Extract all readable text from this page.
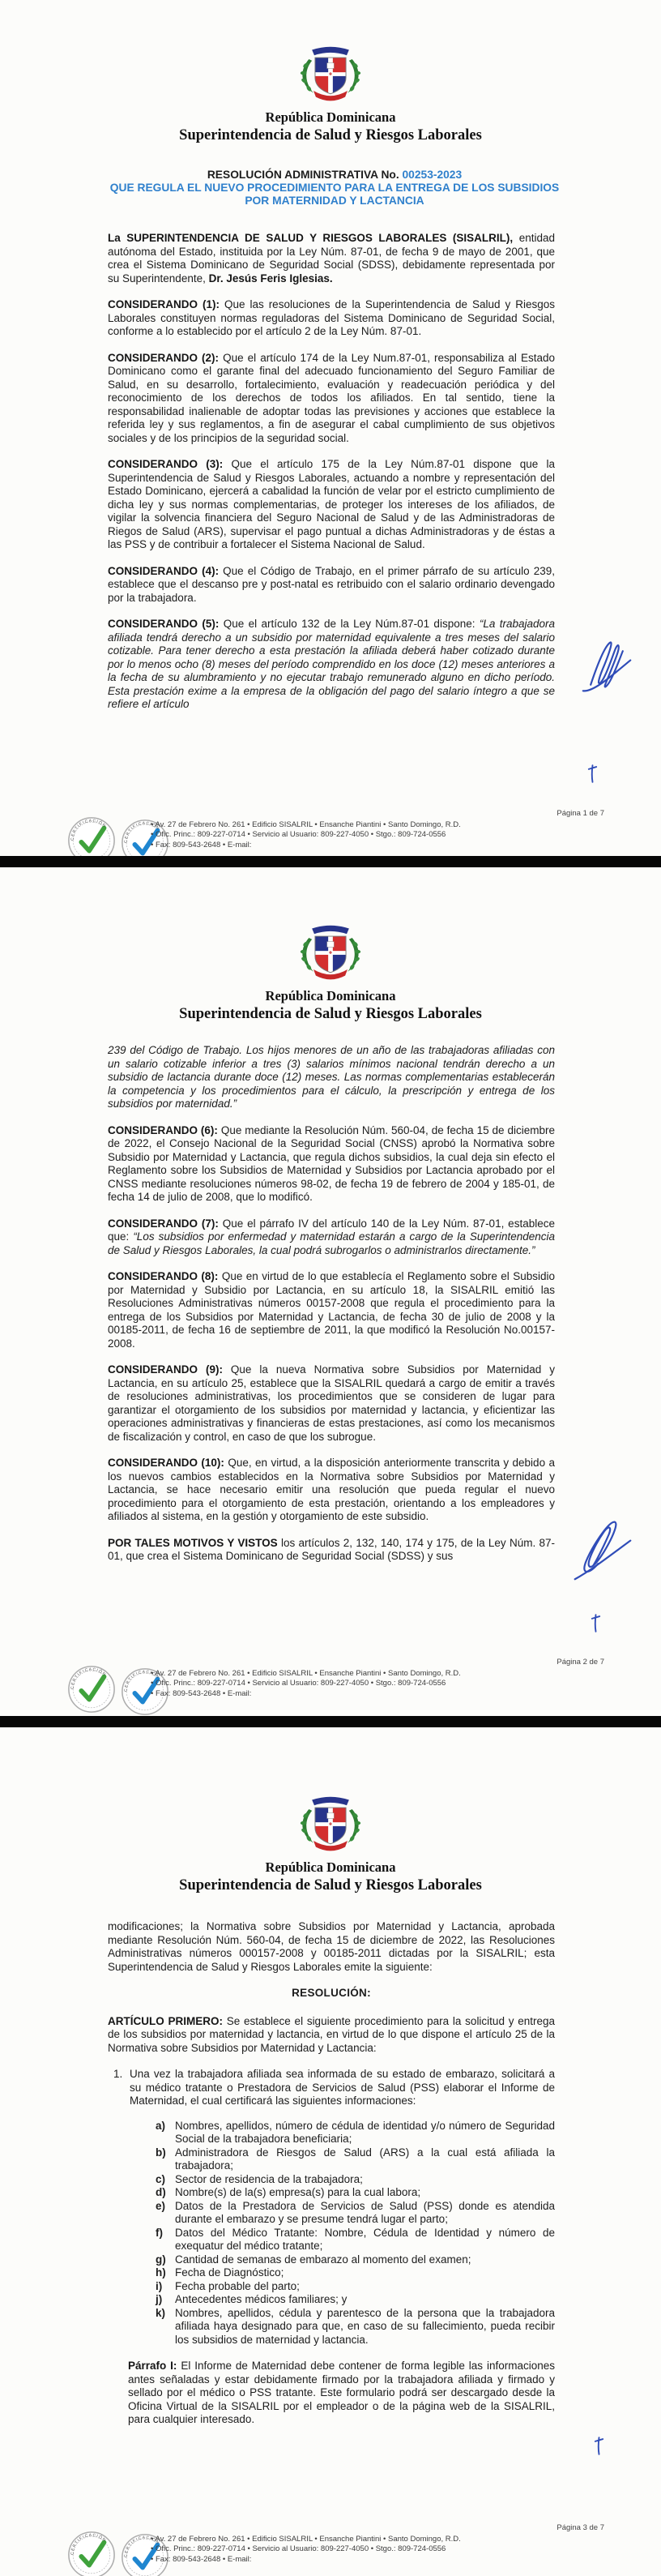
República Dominicana
Superintendencia de Salud y Riesgos Laborales
RESOLUCIÓN ADMINISTRATIVA No. 00253-2023
QUE REGULA EL NUEVO PROCEDIMIENTO PARA LA ENTREGA DE LOS SUBSIDIOS POR MATERNIDAD Y LACTANCIA

La SUPERINTENDENCIA DE SALUD Y RIESGOS LABORALES (SISALRIL), entidad autónoma del Estado, instituida por la Ley Núm. 87-01, de fecha 9 de mayo de 2001, que crea el Sistema Dominicano de Seguridad Social (SDSS), debidamente representada por su Superintendente, Dr. Jesús Feris Iglesias.

CONSIDERANDO (1): Que las resoluciones de la Superintendencia de Salud y Riesgos Laborales constituyen normas reguladoras del Sistema Dominicano de Seguridad Social, conforme a lo establecido por el artículo 2 de la Ley Núm. 87-01.

CONSIDERANDO (2): Que el artículo 174 de la Ley Num.87-01, responsabiliza al Estado Dominicano como el garante final del adecuado funcionamiento del Seguro Familiar de Salud, en su desarrollo, fortalecimiento, evaluación y readecuación periódica y del reconocimiento de los derechos de todos los afiliados. En tal sentido, tiene la responsabilidad inalienable de adoptar todas las previsiones y acciones que establece la referida ley y sus reglamentos, a fin de asegurar el cabal cumplimiento de sus objetivos sociales y de los principios de la seguridad social.

CONSIDERANDO (3): Que el artículo 175 de la Ley Núm.87-01 dispone que la Superintendencia de Salud y Riesgos Laborales, actuando a nombre y representación del Estado Dominicano, ejercerá a cabalidad la función de velar por el estricto cumplimiento de dicha ley y sus normas complementarias, de proteger los intereses de los afiliados, de vigilar la solvencia financiera del Seguro Nacional de Salud y de las Administradoras de Riegos de Salud (ARS), supervisar el pago puntual a dichas Administradoras y de éstas a las PSS y de contribuir a fortalecer el Sistema Nacional de Salud.

CONSIDERANDO (4): Que el Código de Trabajo, en el primer párrafo de su artículo 239, establece que el descanso pre y post-natal es retribuido con el salario ordinario devengado por la trabajadora.

CONSIDERANDO (5): Que el artículo 132 de la Ley Núm.87-01 dispone: “La trabajadora afiliada tendrá derecho a un subsidio por maternidad equivalente a tres meses del salario cotizable. Para tener derecho a esta prestación la afiliada deberá haber cotizado durante por lo menos ocho (8) meses del período comprendido en los doce (12) meses anteriores a la fecha de su alumbramiento y no ejecutar trabajo remunerado alguno en dicho período. Esta prestación exime a la empresa de la obligación del pago del salario íntegro a que se refiere el artículo

Página 1 de 7
• Av. 27 de Febrero No. 261 • Edificio SISALRIL • Ensanche Piantini • Santo Domingo, R.D.
• Ofic. Princ.: 809-227-0714 • Servicio al Usuario: 809-227-4050 • Stgo.: 809-724-0556
• Fax: 809-543-2648 • E-mail:
República Dominicana
Superintendencia de Salud y Riesgos Laborales

239 del Código de Trabajo. Los hijos menores de un año de las trabajadoras afiliadas con un salario cotizable inferior a tres (3) salarios mínimos nacional tendrán derecho a un subsidio de lactancia durante doce (12) meses. Las normas complementarias establecerán la competencia y los procedimientos para el cálculo, la prescripción y entrega de los subsidios por maternidad.”

CONSIDERANDO (6): Que mediante la Resolución Núm. 560-04, de fecha 15 de diciembre de 2022, el Consejo Nacional de la Seguridad Social (CNSS) aprobó la Normativa sobre Subsidio por Maternidad y Lactancia, que regula dichos subsidios, la cual deja sin efecto el Reglamento sobre los Subsidios de Maternidad y Subsidios por Lactancia aprobado por el CNSS mediante resoluciones números 98-02, de fecha 19 de febrero de 2004 y 185-01, de fecha 14 de julio de 2008, que lo modificó.

CONSIDERANDO (7): Que el párrafo IV del artículo 140 de la Ley Núm. 87-01, establece que: “Los subsidios por enfermedad y maternidad estarán a cargo de la Superintendencia de Salud y Riesgos Laborales, la cual podrá subrogarlos o administrarlos directamente.”

CONSIDERANDO (8): Que en virtud de lo que establecía el Reglamento sobre el Subsidio por Maternidad y Subsidio por Lactancia, en su artículo 18, la SISALRIL emitió las Resoluciones Administrativas números 00157-2008 que regula el procedimiento para la entrega de los Subsidios por Maternidad y Lactancia, de fecha 30 de julio de 2008 y la 00185-2011, de fecha 16 de septiembre de 2011, la que modificó la Resolución No.00157-2008.

CONSIDERANDO (9): Que la nueva Normativa sobre Subsidios por Maternidad y Lactancia, en su artículo 25, establece que la SISALRIL quedará a cargo de emitir a través de resoluciones administrativas, los procedimientos que se consideren de lugar para garantizar el otorgamiento de los subsidios por maternidad y lactancia, y eficientizar las operaciones administrativas y financieras de estas prestaciones, así como los mecanismos de fiscalización y control, en caso de que los subrogue.

CONSIDERANDO (10): Que, en virtud, a la disposición anteriormente transcrita y debido a los nuevos cambios establecidos en la Normativa sobre Subsidios por Maternidad y Lactancia, se hace necesario emitir una resolución que pueda regular el nuevo procedimiento para el otorgamiento de esta prestación, orientando a los empleadores y afiliados al sistema, en la gestión y otorgamiento de este subsidio.

POR TALES MOTIVOS Y VISTOS los artículos 2, 132, 140, 174 y 175, de la Ley Núm. 87-01, que crea el Sistema Dominicano de Seguridad Social (SDSS) y sus

Página 2 de 7
• Av. 27 de Febrero No. 261 • Edificio SISALRIL • Ensanche Piantini • Santo Domingo, R.D.
• Ofic. Princ.: 809-227-0714 • Servicio al Usuario: 809-227-4050 • Stgo.: 809-724-0556
• Fax: 809-543-2648 • E-mail:
República Dominicana
Superintendencia de Salud y Riesgos Laborales

modificaciones; la Normativa sobre Subsidios por Maternidad y Lactancia, aprobada mediante Resolución Núm. 560-04, de fecha 15 de diciembre de 2022, las Resoluciones Administrativas números 000157-2008 y 00185-2011 dictadas por la SISALRIL; esta Superintendencia de Salud y Riesgos Laborales emite la siguiente:

RESOLUCIÓN:

ARTÍCULO PRIMERO: Se establece el siguiente procedimiento para la solicitud y entrega de los subsidios por maternidad y lactancia, en virtud de lo que dispone el artículo 25 de la Normativa sobre Subsidios por Maternidad y Lactancia:

1. Una vez la trabajadora afiliada sea informada de su estado de embarazo, solicitará a su médico tratante o Prestadora de Servicios de Salud (PSS) elaborar el Informe de Maternidad, el cual certificará las siguientes informaciones:
a) Nombres, apellidos, número de cédula de identidad y/o número de Seguridad Social de la trabajadora beneficiaria;
b) Administradora de Riesgos de Salud (ARS) a la cual está afiliada la trabajadora;
c) Sector de residencia de la trabajadora;
d) Nombre(s) de la(s) empresa(s) para la cual labora;
e) Datos de la Prestadora de Servicios de Salud (PSS) donde es atendida durante el embarazo y se presume tendrá lugar el parto;
f)	Datos del Médico Tratante: Nombre, Cédula de Identidad y número de exequatur del médico tratante;
g) Cantidad de semanas de embarazo al momento del examen;
h) Fecha de Diagnóstico;
i)	Fecha probable del parto;
j)	Antecedentes médicos familiares; y
k) Nombres, apellidos, cédula y parentesco de la persona que la trabajadora afiliada haya designado para que, en caso de su fallecimiento, pueda recibir los subsidios de maternidad y lactancia.

Párrafo I: El Informe de Maternidad debe contener de forma legible las informaciones antes señaladas y estar debidamente firmado por la trabajadora afiliada y firmado y sellado por el médico o PSS tratante. Este formulario podrá ser descargado desde la Oficina Virtual de la SISALRIL por el empleador o de la página web de la SISALRIL, para cualquier interesado.

Página 3 de 7
• Av. 27 de Febrero No. 261 • Edificio SISALRIL • Ensanche Piantini • Santo Domingo, R.D.
• Ofic. Princ.: 809-227-0714 • Servicio al Usuario: 809-227-4050 • Stgo.: 809-724-0556
• Fax: 809-543-2648 • E-mail:
